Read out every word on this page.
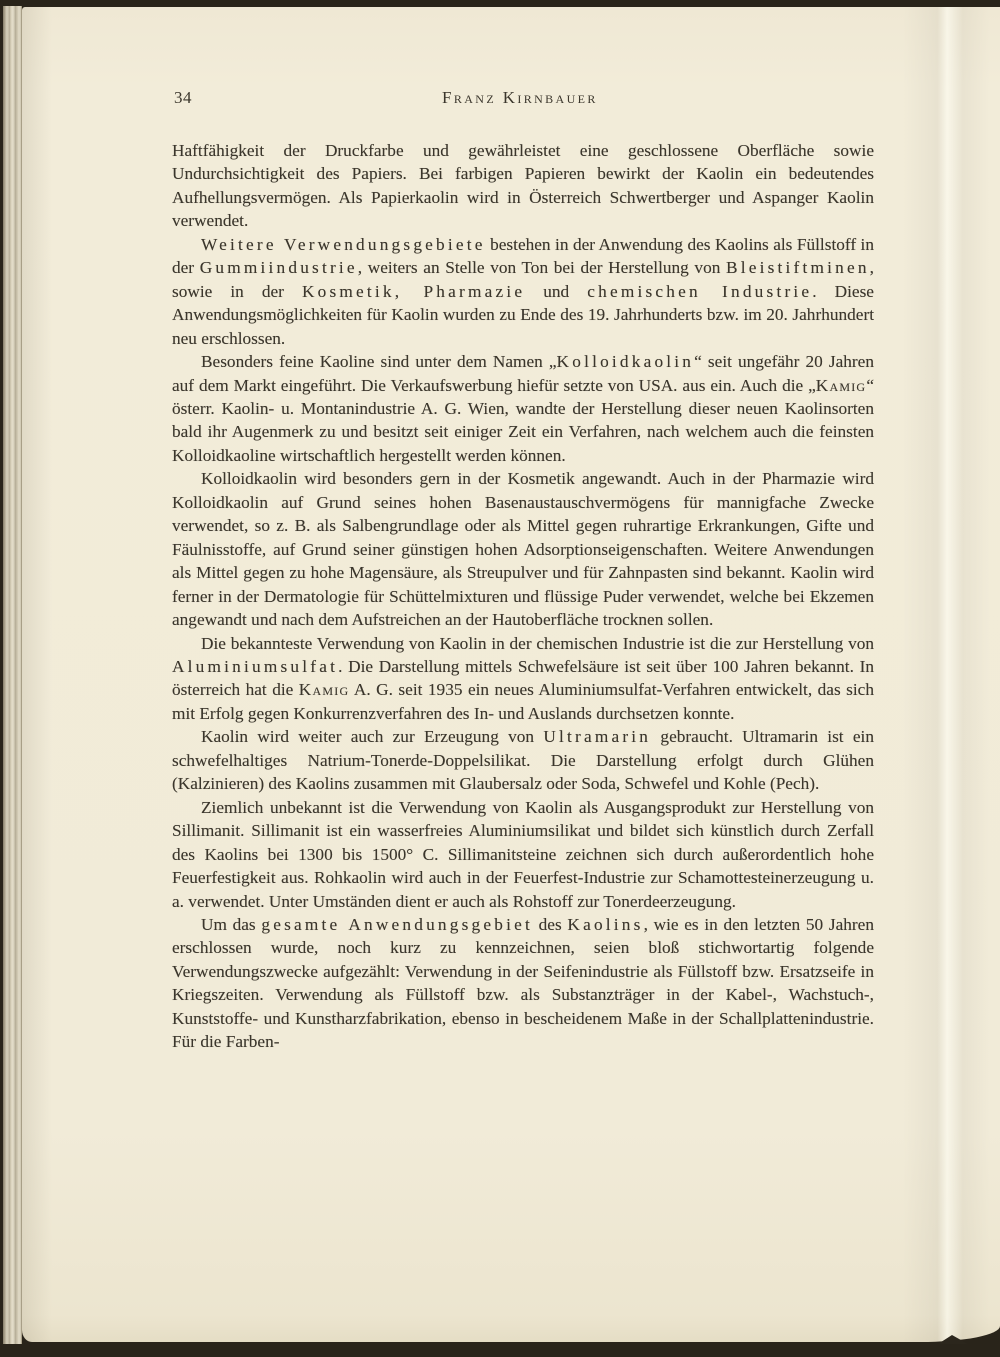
34	Franz Kirnbauer

Haftfähigkeit der Druckfarbe und gewährleistet eine geschlossene Oberfläche sowie Undurchsichtigkeit des Papiers. Bei farbigen Papieren bewirkt der Kaolin ein bedeutendes Aufhellungsvermögen. Als Papierkaolin wird in Österreich Schwertberger und Aspanger Kaolin verwendet.

Weitere Verwendungsgebiete bestehen in der Anwendung des Kaolins als Füllstoff in der Gummiindustrie, weiters an Stelle von Ton bei der Herstellung von Bleistiftminen, sowie in der Kosmetik, Pharmazie und chemischen Industrie. Diese Anwendungsmöglichkeiten für Kaolin wurden zu Ende des 19. Jahrhunderts bzw. im 20. Jahrhundert neu erschlossen.

Besonders feine Kaoline sind unter dem Namen „Kolloidkaolin“ seit ungefähr 20 Jahren auf dem Markt eingeführt. Die Verkaufswerbung hiefür setzte von USA. aus ein. Auch die „Kamig“ österr. Kaolin- u. Montanindustrie A. G. Wien, wandte der Herstellung dieser neuen Kaolinsorten bald ihr Augenmerk zu und besitzt seit einiger Zeit ein Verfahren, nach welchem auch die feinsten Kolloidkaoline wirtschaftlich hergestellt werden können.

Kolloidkaolin wird besonders gern in der Kosmetik angewandt. Auch in der Pharmazie wird Kolloidkaolin auf Grund seines hohen Basenaustauschvermögens für mannigfache Zwecke verwendet, so z. B. als Salbengrundlage oder als Mittel gegen ruhrartige Erkrankungen, Gifte und Fäulnisstoffe, auf Grund seiner günstigen hohen Adsorptionseigenschaften. Weitere Anwendungen als Mittel gegen zu hohe Magensäure, als Streupulver und für Zahnpasten sind bekannt. Kaolin wird ferner in der Dermatologie für Schüttelmixturen und flüssige Puder verwendet, welche bei Ekzemen angewandt und nach dem Aufstreichen an der Hautoberfläche trocknen sollen.

Die bekannteste Verwendung von Kaolin in der chemischen Industrie ist die zur Herstellung von Aluminiumsulfat. Die Darstellung mittels Schwefelsäure ist seit über 100 Jahren bekannt. In österreich hat die Kamig A. G. seit 1935 ein neues Aluminiumsulfat-Verfahren entwickelt, das sich mit Erfolg gegen Konkurrenzverfahren des In- und Auslands durchsetzen konnte.

Kaolin wird weiter auch zur Erzeugung von Ultramarin gebraucht. Ultramarin ist ein schwefelhaltiges Natrium-Tonerde-Doppelsilikat. Die Darstellung erfolgt durch Glühen (Kalzinieren) des Kaolins zusammen mit Glaubersalz oder Soda, Schwefel und Kohle (Pech).

Ziemlich unbekannt ist die Verwendung von Kaolin als Ausgangsprodukt zur Herstellung von Sillimanit. Sillimanit ist ein wasserfreies Aluminiumsilikat und bildet sich künstlich durch Zerfall des Kaolins bei 1300 bis 1500° C. Sillimanitsteine zeichnen sich durch außerordentlich hohe Feuerfestigkeit aus. Rohkaolin wird auch in der Feuerfest-Industrie zur Schamottesteinerzeugung u. a. verwendet. Unter Umständen dient er auch als Rohstoff zur Tonerdeerzeugung.

Um das gesamte Anwendungsgebiet des Kaolins, wie es in den letzten 50 Jahren erschlossen wurde, noch kurz zu kennzeichnen, seien bloß stichwortartig folgende Verwendungszwecke aufgezählt: Verwendung in der Seifenindustrie als Füllstoff bzw. Ersatzseife in Kriegszeiten. Verwendung als Füllstoff bzw. als Substanzträger in der Kabel-, Wachstuch-, Kunststoffe- und Kunstharzfabrikation, ebenso in bescheidenem Maße in der Schallplattenindustrie. Für die Farben-
